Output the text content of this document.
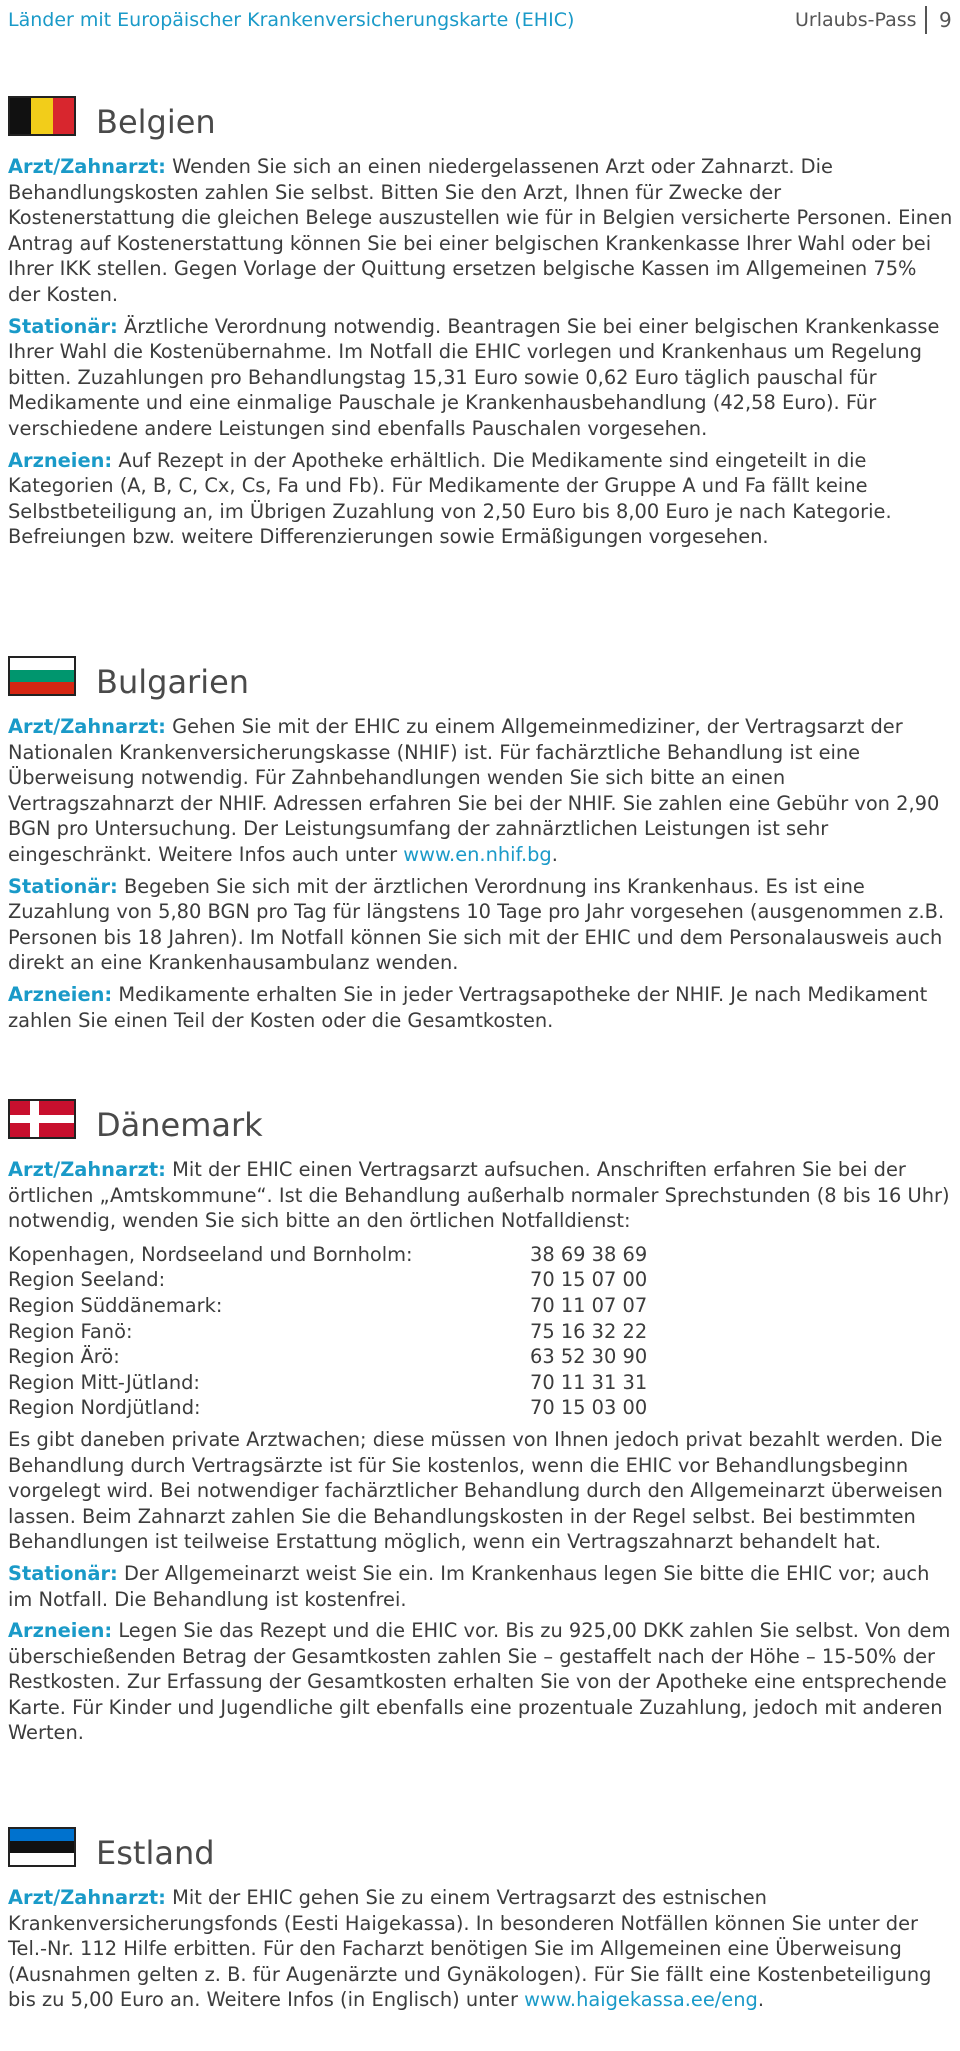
Länder mit Europäischer Krankenversicherungskarte (EHIC)	Urlaubs-Pass 9
Belgien

Arzt/Zahnarzt: Wenden Sie sich an einen niedergelassenen Arzt oder Zahnarzt. Die Behandlungskosten zahlen Sie selbst. Bitten Sie den Arzt, Ihnen für Zwecke der Kostenerstattung die gleichen Belege auszustellen wie für in Belgien versicherte Personen. Einen Antrag auf Kostenerstattung können Sie bei einer belgischen Krankenkasse Ihrer Wahl oder bei Ihrer IKK stellen. Gegen Vorlage der Quittung ersetzen belgische Kassen im Allgemeinen 75% der Kosten.

Stationär: Ärztliche Verordnung notwendig. Beantragen Sie bei einer belgischen Krankenkasse Ihrer Wahl die Kostenübernahme. Im Notfall die EHIC vorlegen und Krankenhaus um Regelung bitten. Zuzahlungen pro Behandlungstag 15,31 Euro sowie 0,62 Euro täglich pauschal für Medikamente und eine einmalige Pauschale je Krankenhausbehandlung (42,58 Euro). Für verschiedene andere Leistungen sind ebenfalls Pauschalen vorgesehen.

Arzneien: Auf Rezept in der Apotheke erhältlich. Die Medikamente sind eingeteilt in die Kategorien (A, B, C, Cx, Cs, Fa und Fb). Für Medikamente der Gruppe A und Fa fällt keine Selbstbeteiligung an, im Übrigen Zuzahlung von 2,50 Euro bis 8,00 Euro je nach Kategorie. Befreiungen bzw. weitere Differenzierungen sowie Ermäßigungen vorgesehen.

Bulgarien

Arzt/Zahnarzt: Gehen Sie mit der EHIC zu einem Allgemeinmediziner, der Vertragsarzt der Nationalen Krankenversicherungskasse (NHIF) ist. Für fachärztliche Behandlung ist eine Überweisung notwendig. Für Zahnbehandlungen wenden Sie sich bitte an einen Vertragszahnarzt der NHIF. Adressen erfahren Sie bei der NHIF. Sie zahlen eine Gebühr von 2,90 BGN pro Untersuchung. Der Leistungsumfang der zahnärztlichen Leistungen ist sehr eingeschränkt. Weitere Infos auch unter www.en.nhif.bg.

Stationär: Begeben Sie sich mit der ärztlichen Verordnung ins Krankenhaus. Es ist eine Zuzahlung von 5,80 BGN pro Tag für längstens 10 Tage pro Jahr vorgesehen (ausgenommen z.B. Personen bis 18 Jahren). Im Notfall können Sie sich mit der EHIC und dem Personalausweis auch direkt an eine Krankenhausambulanz wenden.

Arzneien: Medikamente erhalten Sie in jeder Vertragsapotheke der NHIF. Je nach Medikament zahlen Sie einen Teil der Kosten oder die Gesamtkosten.

Dänemark

Arzt/Zahnarzt: Mit der EHIC einen Vertragsarzt aufsuchen. Anschriften erfahren Sie bei der örtlichen „Amtskommune“. Ist die Behandlung außerhalb normaler Sprechstunden (8 bis 16 Uhr) notwendig, wenden Sie sich bitte an den örtlichen Notfalldienst:

Kopenhagen, Nordseeland und Bornholm:	38 69 38 69
Region Seeland:	70 15 07 00
Region Süddänemark:	70 11 07 07
Region Fanö:	75 16 32 22
Region Ärö:	63 52 30 90
Region Mitt-Jütland:	70 11 31 31
Region Nordjütland:	70 15 03 00

Es gibt daneben private Arztwachen; diese müssen von Ihnen jedoch privat bezahlt werden. Die Behandlung durch Vertragsärzte ist für Sie kostenlos, wenn die EHIC vor Behandlungsbeginn vorgelegt wird. Bei notwendiger fachärztlicher Behandlung durch den Allgemeinarzt überweisen lassen. Beim Zahnarzt zahlen Sie die Behandlungskosten in der Regel selbst. Bei bestimmten Behandlungen ist teilweise Erstattung möglich, wenn ein Vertragszahnarzt behandelt hat.

Stationär: Der Allgemeinarzt weist Sie ein. Im Krankenhaus legen Sie bitte die EHIC vor; auch im Notfall. Die Behandlung ist kostenfrei.

Arzneien: Legen Sie das Rezept und die EHIC vor. Bis zu 925,00 DKK zahlen Sie selbst. Von dem überschießenden Betrag der Gesamtkosten zahlen Sie – gestaffelt nach der Höhe – 15-50% der Restkosten. Zur Erfassung der Gesamtkosten erhalten Sie von der Apotheke eine entsprechende Karte. Für Kinder und Jugendliche gilt ebenfalls eine prozentuale Zuzahlung, jedoch mit anderen Werten.

Estland

Arzt/Zahnarzt: Mit der EHIC gehen Sie zu einem Vertragsarzt des estnischen Krankenversicherungsfonds (Eesti Haigekassa). In besonderen Notfällen können Sie unter der Tel.-Nr. 112 Hilfe erbitten. Für den Facharzt benötigen Sie im Allgemeinen eine Überweisung (Ausnahmen gelten z. B. für Augenärzte und Gynäkologen). Für Sie fällt eine Kostenbeteiligung bis zu 5,00 Euro an. Weitere Infos (in Englisch) unter www.haigekassa.ee/eng.
